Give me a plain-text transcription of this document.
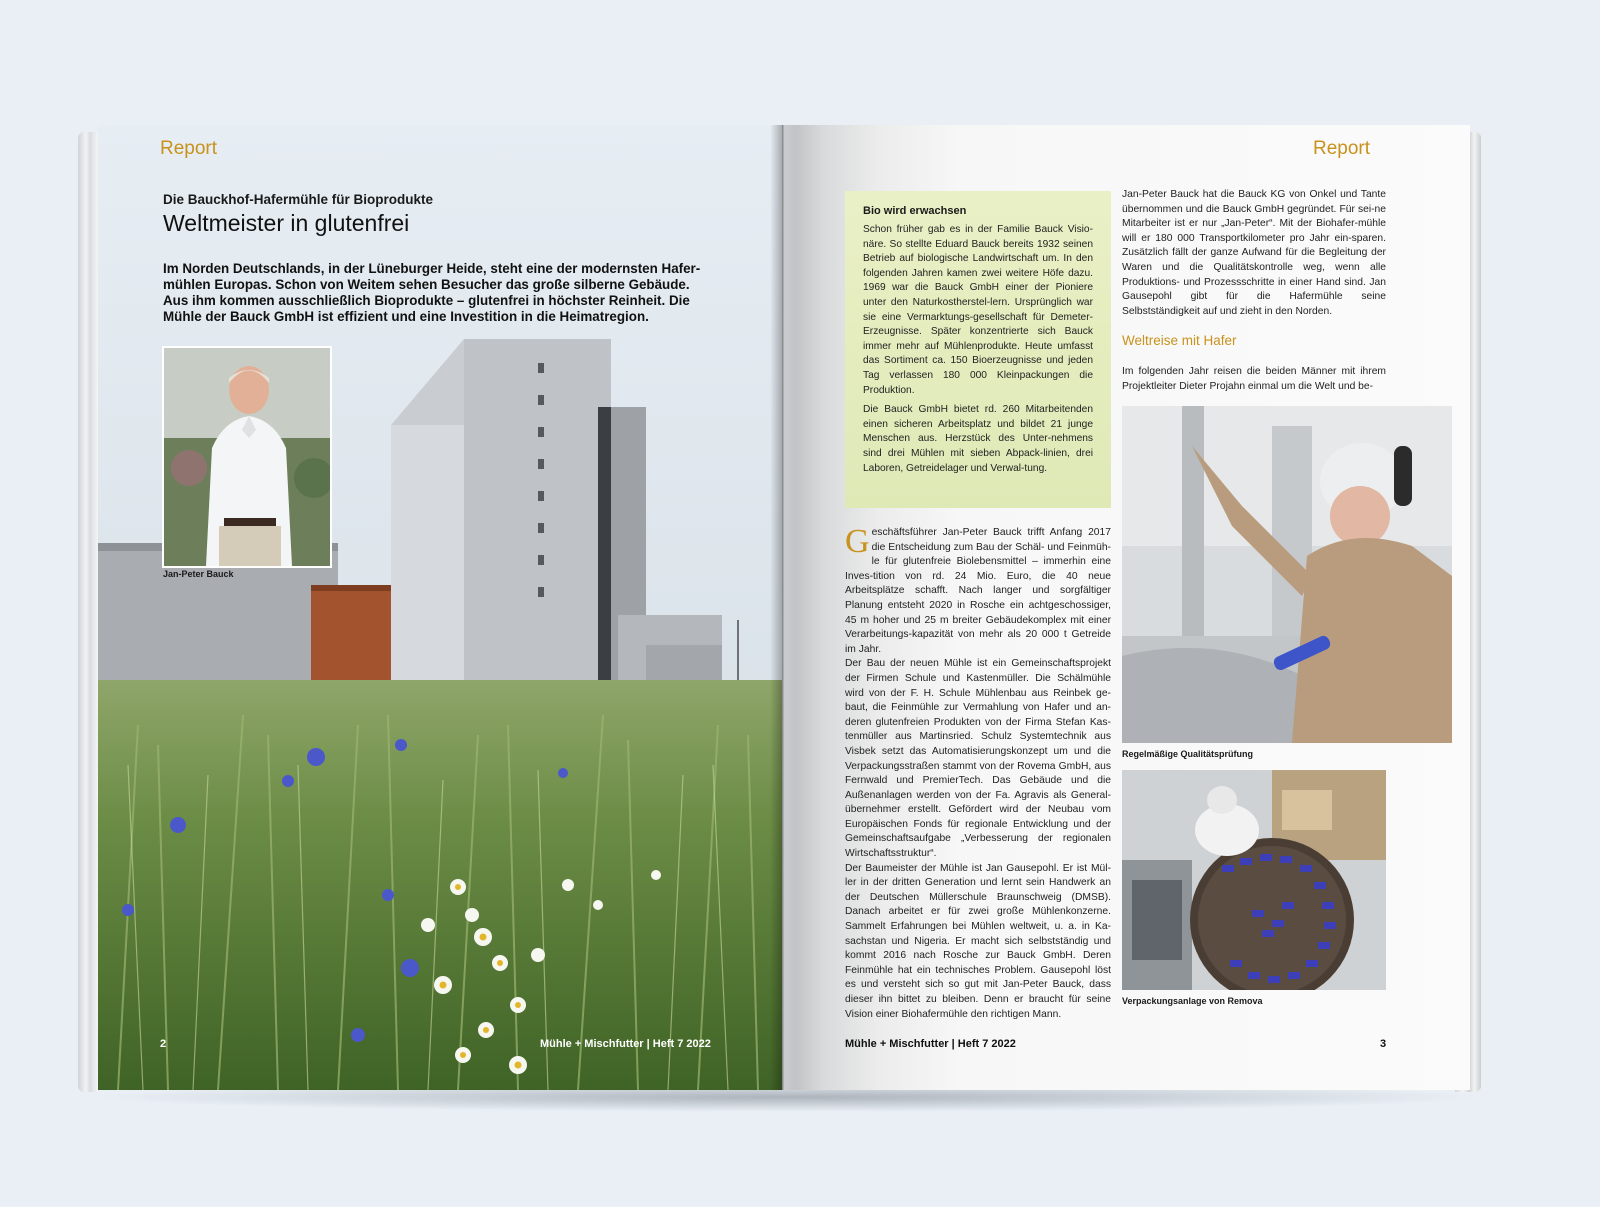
Report
Die Bauckhof-Hafermühle für Bioprodukte
Weltmeister in glutenfrei
Im Norden Deutschlands, in der Lüneburger Heide, steht eine der modernsten Hafer-mühlen Europas. Schon von Weitem sehen Besucher das große silberne Gebäude. Aus ihm kommen ausschließlich Bioprodukte – glutenfrei in höchster Reinheit. Die Mühle der Bauck GmbH ist effizient und eine Investition in die Heimatregion.
Jan-Peter Bauck
2	Mühle + Mischfutter | Heft 7 2022
Report
Bio wird erwachsen

Schon früher gab es in der Familie Bauck Visio-näre. So stellte Eduard Bauck bereits 1932 seinen Betrieb auf biologische Landwirtschaft um. In den folgenden Jahren kamen zwei weitere Höfe dazu. 1969 war die Bauck GmbH einer der Pioniere unter den Naturkostherstel-lern. Ursprünglich war sie eine Vermarktungs-gesellschaft für Demeter-Erzeugnisse. Später konzentrierte sich Bauck immer mehr auf Mühlenprodukte. Heute umfasst das Sortiment ca. 150 Bioerzeugnisse und jeden Tag verlassen 180 000 Kleinpackungen die Produktion.

Die Bauck GmbH bietet rd. 260 Mitarbeitenden einen sicheren Arbeitsplatz und bildet 21 junge Menschen aus. Herzstück des Unter-nehmens sind drei Mühlen mit sieben Abpack-linien, drei Laboren, Getreidelager und Verwal-tung.

Geschäftsführer Jan-Peter Bauck trifft Anfang 2017 die Entscheidung zum Bau der Schäl- und Feinmüh-le für glutenfreie Biolebensmittel – immerhin eine Inves-tition von rd. 24 Mio. Euro, die 40 neue Arbeitsplätze schafft. Nach langer und sorgfältiger Planung entsteht 2020 in Rosche ein achtgeschossiger, 45 m hoher und 25 m breiter Gebäudekomplex mit einer Verarbeitungs-kapazität von mehr als 20 000 t Getreide im Jahr.

Der Bau der neuen Mühle ist ein Gemeinschaftsprojekt der Firmen Schule und Kastenmüller. Die Schälmühle wird von der F. H. Schule Mühlenbau aus Reinbek ge-baut, die Feinmühle zur Vermahlung von Hafer und an-deren glutenfreien Produkten von der Firma Stefan Kas-tenmüller aus Martinsried. Schulz Systemtechnik aus Visbek setzt das Automatisierungskonzept um und die Verpackungsstraßen stammt von der Rovema GmbH, aus Fernwald und PremierTech. Das Gebäude und die Außenanlagen werden von der Fa. Agravis als General-übernehmer erstellt. Gefördert wird der Neubau vom Europäischen Fonds für regionale Entwicklung und der Gemeinschaftsaufgabe „Verbesserung der regionalen Wirtschaftsstruktur“.

Der Baumeister der Mühle ist Jan Gausepohl. Er ist Mül-ler in der dritten Generation und lernt sein Handwerk an der Deutschen Müllerschule Braunschweig (DMSB). Danach arbeitet er für zwei große Mühlenkonzerne. Sammelt Erfahrungen bei Mühlen weltweit, u. a. in Ka-sachstan und Nigeria. Er macht sich selbstständig und kommt 2016 nach Rosche zur Bauck GmbH. Deren Feinmühle hat ein technisches Problem. Gausepohl löst es und versteht sich so gut mit Jan-Peter Bauck, dass dieser ihn bittet zu bleiben. Denn er braucht für seine Vision einer Biohafermühle den richtigen Mann.

Jan-Peter Bauck hat die Bauck KG von Onkel und Tante übernommen und die Bauck GmbH gegründet. Für sei-ne Mitarbeiter ist er nur „Jan-Peter“. Mit der Biohafer-mühle will er 180 000 Transportkilometer pro Jahr ein-sparen. Zusätzlich fällt der ganze Aufwand für die Begleitung der Waren und die Qualitätskontrolle weg, wenn alle Produktions- und Prozessschritte in einer Hand sind. Jan Gausepohl gibt für die Hafermühle seine Selbstständigkeit auf und zieht in den Norden.

Weltreise mit Hafer

Im folgenden Jahr reisen die beiden Männer mit ihrem Projektleiter Dieter Projahn einmal um die Welt und be-

Regelmäßige Qualitätsprüfung
Verpackungsanlage von Remova
Mühle + Mischfutter | Heft 7 2022	3
